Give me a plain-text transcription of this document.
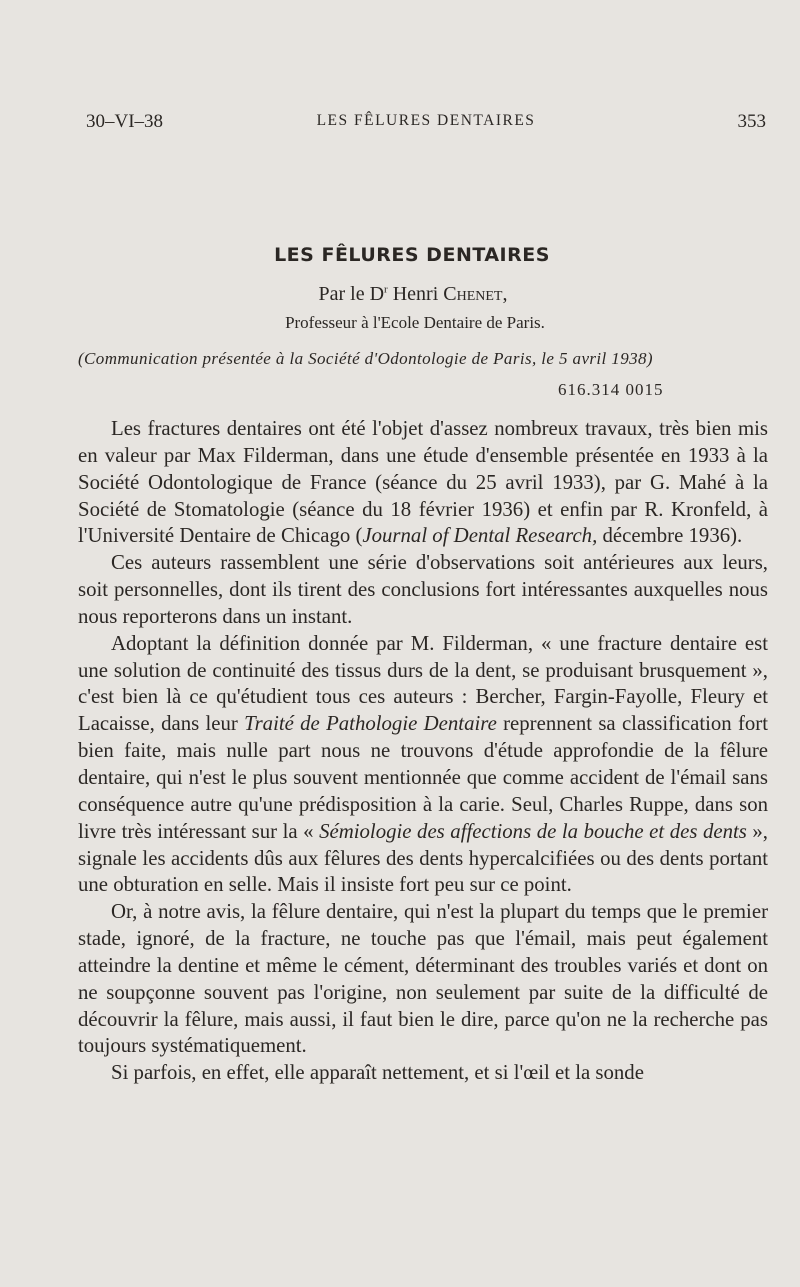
30–VI–38	LES FÊLURES DENTAIRES	353
LES FÊLURES DENTAIRES
Par le $D^r$ Henri Chenet,
Professeur à l'Ecole Dentaire de Paris.
(Communication présentée à la Société d'Odontologie de Paris, le 5 avril 1938)
616.314 0015

Les fractures dentaires ont été l'objet d'assez nombreux travaux, très bien mis en valeur par Max Filderman, dans une étude d'ensemble présentée en 1933 à la Société Odontologique de France (séance du 25 avril 1933), par G. Mahé à la Société de Stomatologie (séance du 18 février 1936) et enfin par R. Kronfeld, à l'Université Dentaire de Chicago (Journal of Dental Research, décembre 1936).

Ces auteurs rassemblent une série d'observations soit antérieures aux leurs, soit personnelles, dont ils tirent des conclusions fort intéressantes auxquelles nous nous reporterons dans un instant.

Adoptant la définition donnée par M. Filderman, « une fracture dentaire est une solution de continuité des tissus durs de la dent, se produisant brusquement », c'est bien là ce qu'étudient tous ces auteurs : Bercher, Fargin-Fayolle, Fleury et Lacaisse, dans leur Traité de Pathologie Dentaire reprennent sa classification fort bien faite, mais nulle part nous ne trouvons d'étude approfondie de la fêlure dentaire, qui n'est le plus souvent mentionnée que comme accident de l'émail sans conséquence autre qu'une prédisposition à la carie. Seul, Charles Ruppe, dans son livre très intéressant sur la « Sémiologie des affections de la bouche et des dents », signale les accidents dûs aux fêlures des dents hypercalcifiées ou des dents portant une obturation en selle. Mais il insiste fort peu sur ce point.

Or, à notre avis, la fêlure dentaire, qui n'est la plupart du temps que le premier stade, ignoré, de la fracture, ne touche pas que l'émail, mais peut également atteindre la dentine et même le cément, déterminant des troubles variés et dont on ne soupçonne souvent pas l'origine, non seulement par suite de la difficulté de découvrir la fêlure, mais aussi, il faut bien le dire, parce qu'on ne la recherche pas toujours systématiquement.

Si parfois, en effet, elle apparaît nettement, et si l'œil et la sonde
